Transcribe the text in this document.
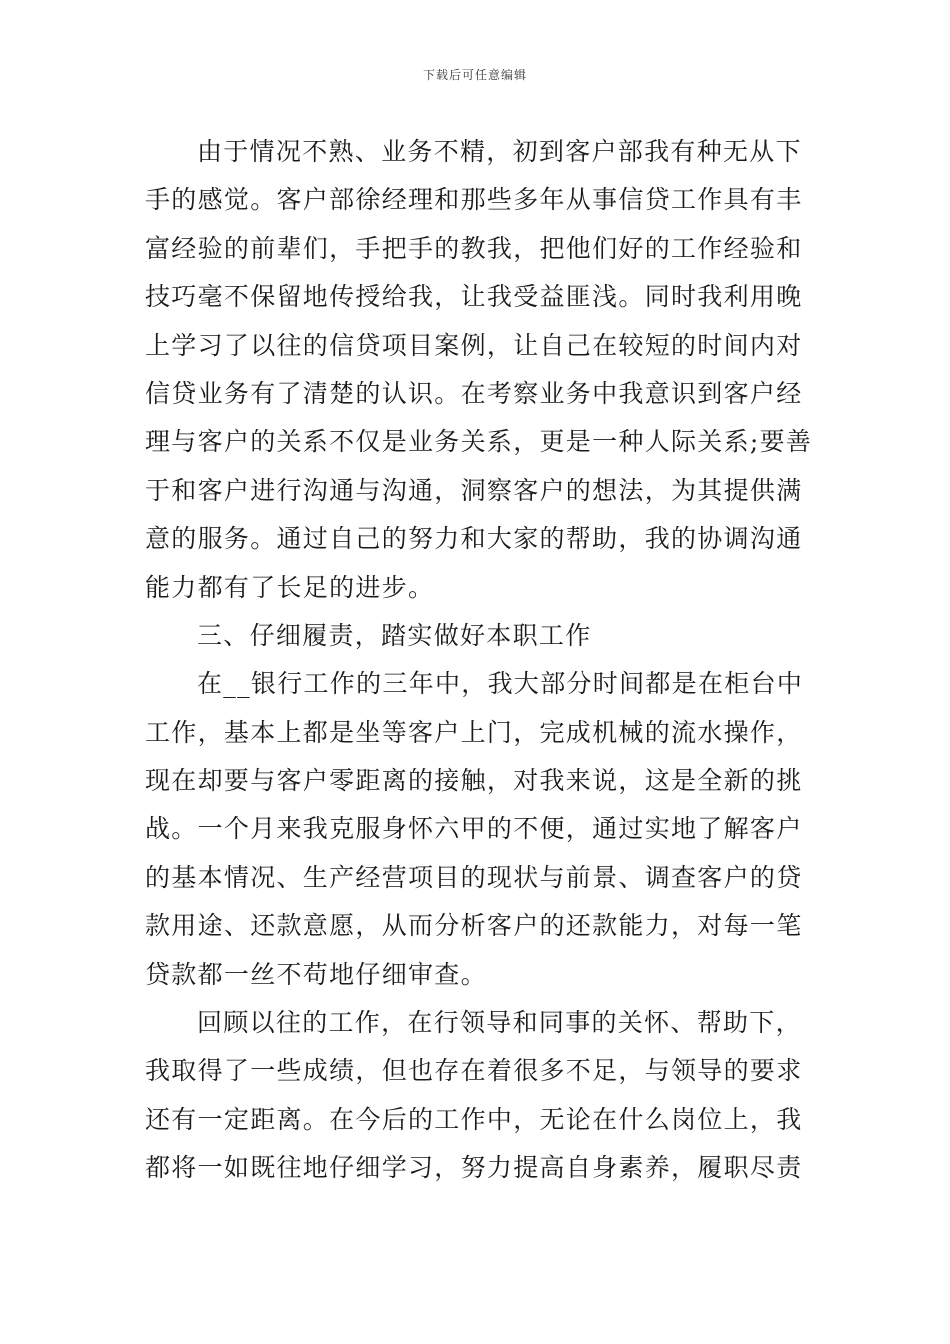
下载后可任意编辑
由于情况不熟、业务不精，初到客户部我有种无从下
手的感觉。客户部徐经理和那些多年从事信贷工作具有丰
富经验的前辈们，手把手的教我，把他们好的工作经验和
技巧毫不保留地传授给我，让我受益匪浅。同时我利用晚
上学习了以往的信贷项目案例，让自己在较短的时间内对
信贷业务有了清楚的认识。在考察业务中我意识到客户经
理与客户的关系不仅是业务关系，更是一种人际关系;要善
于和客户进行沟通与沟通，洞察客户的想法，为其提供满
意的服务。通过自己的努力和大家的帮助，我的协调沟通
能力都有了长足的进步。
三、仔细履责，踏实做好本职工作
在__银行工作的三年中，我大部分时间都是在柜台中
工作，基本上都是坐等客户上门，完成机械的流水操作，
现在却要与客户零距离的接触，对我来说，这是全新的挑
战。一个月来我克服身怀六甲的不便，通过实地了解客户
的基本情况、生产经营项目的现状与前景、调查客户的贷
款用途、还款意愿，从而分析客户的还款能力，对每一笔
贷款都一丝不苟地仔细审查。
回顾以往的工作，在行领导和同事的关怀、帮助下，
我取得了一些成绩，但也存在着很多不足，与领导的要求
还有一定距离。在今后的工作中，无论在什么岗位上，我
都将一如既往地仔细学习，努力提高自身素养，履职尽责
